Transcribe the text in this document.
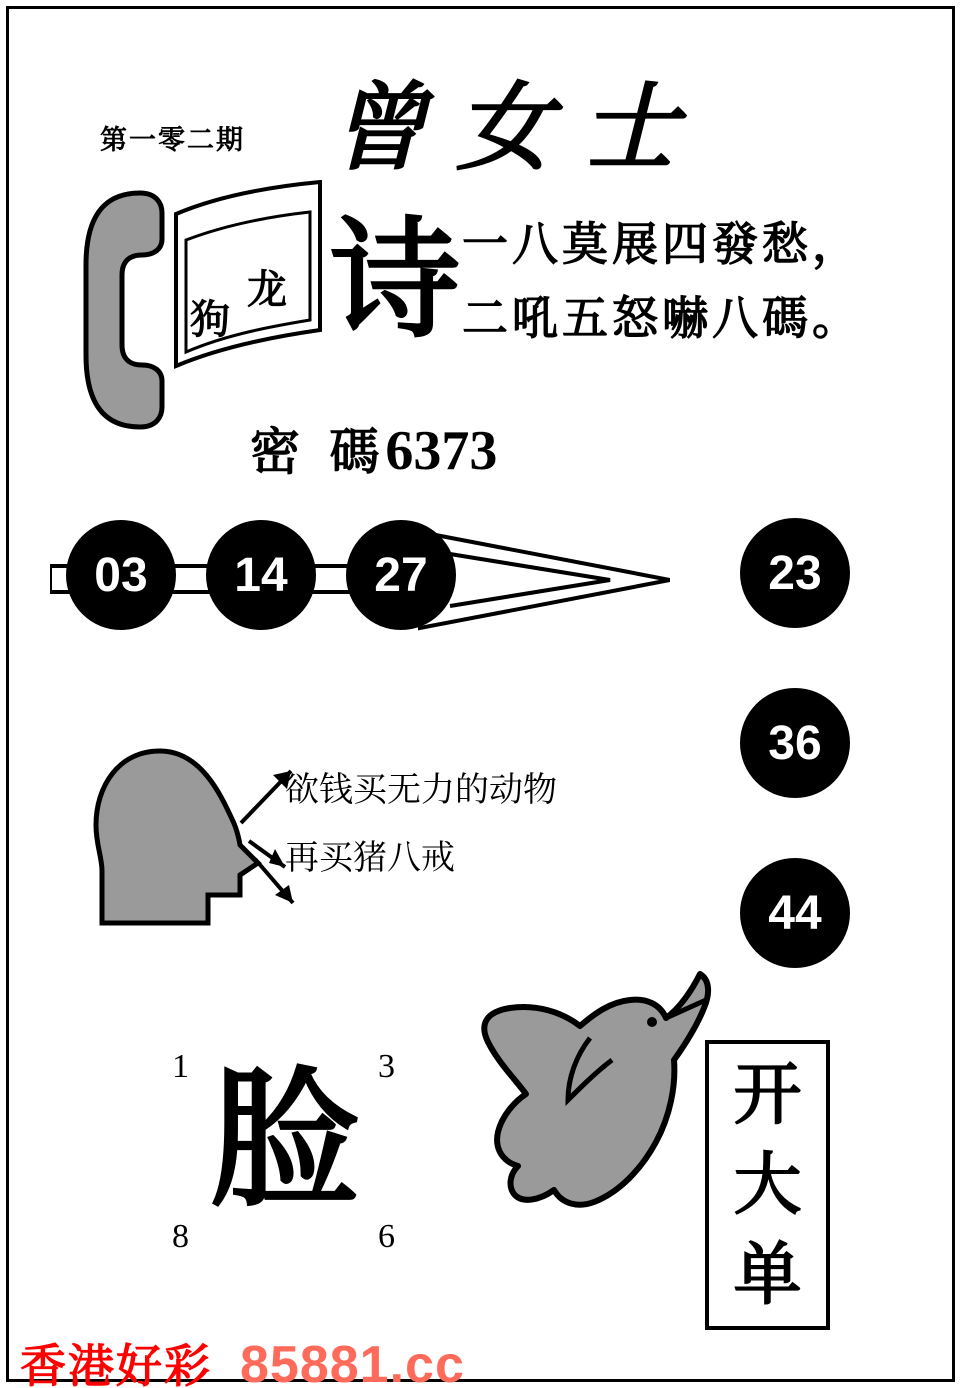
第一零二期 曾女士
龙
狗 诗 一八莫展四發愁，
二吼五怒嚇八碼。
密 碼6373
03	14	27	23
36
44
欲钱买无力的动物
再买猪八戒
1	3
8	6
脸	开
大
单
香港好彩 85881.cc
